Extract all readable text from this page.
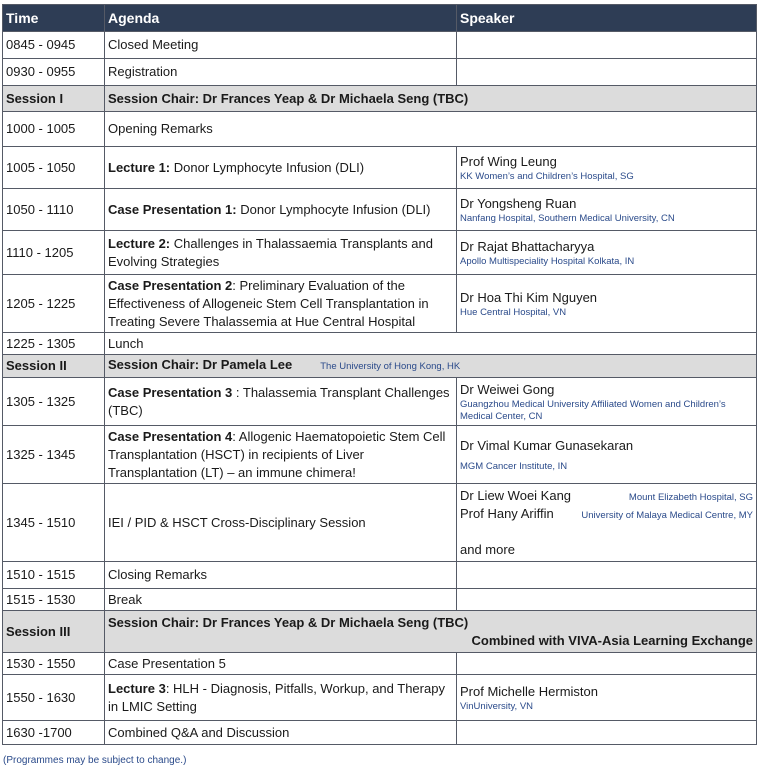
Time	Agenda	Speaker
0845 - 0945	Closed Meeting	
0930 - 0955	Registration	
Session I	Session Chair: Dr Frances Yeap & Dr Michaela Seng (TBC)	
1000 - 1005	Opening Remarks	
1005 - 1050	Lecture 1: Donor Lymphocyte Infusion (DLI)	Prof Wing Leung
KK Women’s and Children’s Hospital, SG

1050 - 1110	Case Presentation 1: Donor Lymphocyte Infusion (DLI)	Dr Yongsheng Ruan
Nanfang Hospital, Southern Medical University, CN

1110 - 1205	Lecture 2: Challenges in Thalassaemia Transplants and Evolving Strategies	Dr Rajat Bhattacharyya
Apollo Multispeciality Hospital Kolkata, IN

1205 - 1225	Case Presentation 2: Preliminary Evaluation of the Effectiveness of Allogeneic Stem Cell Transplantation in Treating Severe Thalassemia at Hue Central Hospital	Dr Hoa Thi Kim Nguyen
Hue Central Hospital, VN

1225 - 1305	Lunch	
Session II	Session Chair: Dr Pamela Lee The University of Hong Kong, HK	
1305 - 1325	Case Presentation 3 : Thalassemia Transplant Challenges (TBC)	Dr Weiwei Gong
Guangzhou Medical University Affiliated Women and Children’s Medical Center, CN

1325 - 1345	Case Presentation 4: Allogenic Haematopoietic Stem Cell Transplantation (HSCT) in recipients of Liver Transplantation (LT) – an immune chimera!	Dr Vimal Kumar Gunasekaran
MGM Cancer Institute, IN

1345 - 1510	IEI / PID & HSCT Cross-Disciplinary Session	Dr Liew Woei Kang Mount Elizabeth Hospital, SG
Prof Hany Ariffin University of Malaya Medical Centre, MY
and more

1510 - 1515	Closing Remarks	
1515 - 1530	Break	
Session III	Session Chair: Dr Frances Yeap & Dr Michaela Seng (TBC)
Combined with VIVA-Asia Learning Exchange	

1530 - 1550	Case Presentation 5	
1550 - 1630	Lecture 3: HLH - Diagnosis, Pitfalls, Workup, and Therapy in LMIC Setting	Prof Michelle Hermiston
VinUniversity, VN

1630 -1700	Combined Q&A and Discussion	
(Programmes may be subject to change.)
